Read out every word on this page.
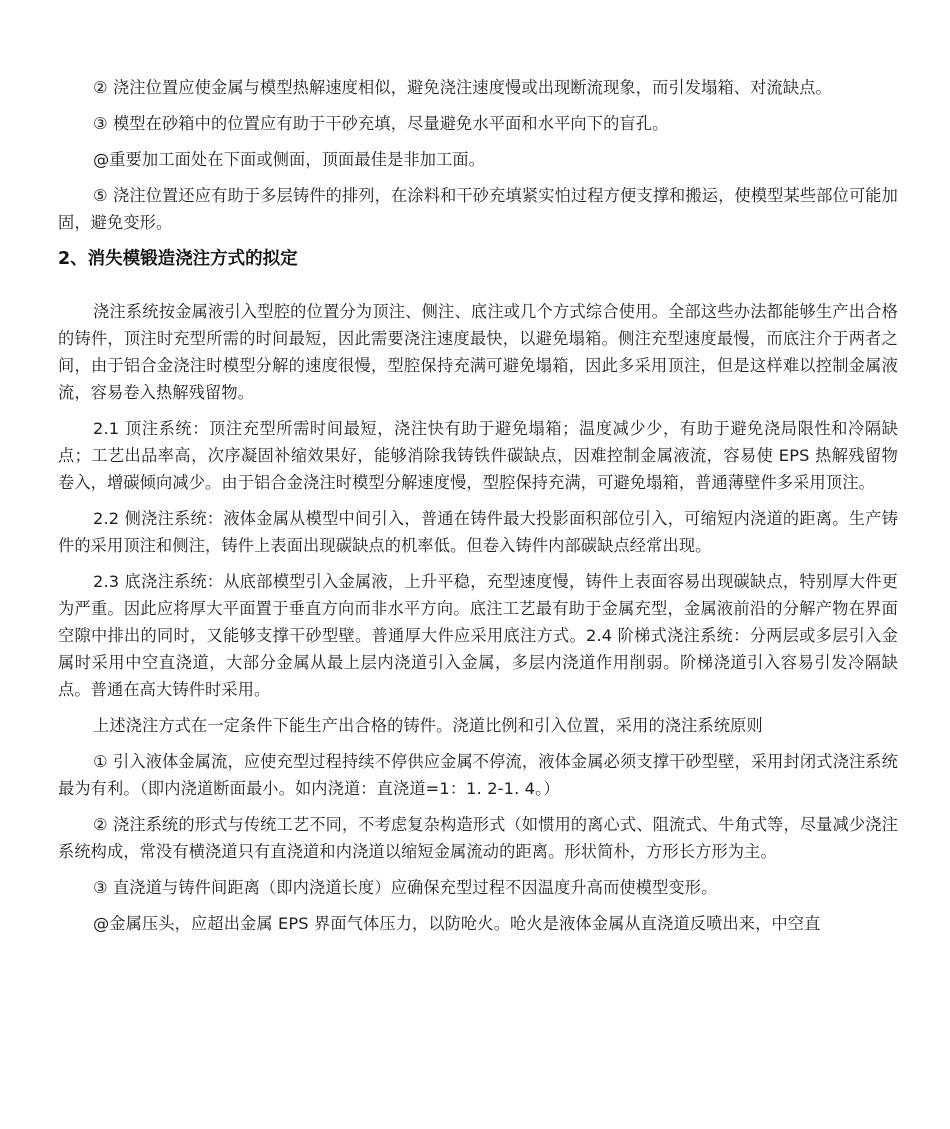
② 浇注位置应使金属与模型热解速度相似，避免浇注速度慢或出现断流现象，而引发塌箱、对流缺点。

③ 模型在砂箱中的位置应有助于干砂充填，尽量避免水平面和水平向下的盲孔。

@重要加工面处在下面或侧面，顶面最佳是非加工面。

⑤ 浇注位置还应有助于多层铸件的排列，在涂料和干砂充填紧实怕过程方便支撑和搬运，使模型某些部位可能加固，避免变形。

2、消失模锻造浇注方式的拟定

浇注系统按金属液引入型腔的位置分为顶注、侧注、底注或几个方式综合使用。全部这些办法都能够生产出合格的铸件，顶注时充型所需的时间最短，因此需要浇注速度最快，以避免塌箱。侧注充型速度最慢，而底注介于两者之间，由于铝合金浇注时模型分解的速度很慢，型腔保持充满可避免塌箱，因此多采用顶注，但是这样难以控制金属液流，容易卷入热解残留物。

2.1 顶注系统：顶注充型所需时间最短，浇注快有助于避免塌箱；温度减少少，有助于避免浇局限性和冷隔缺点；工艺出品率高，次序凝固补缩效果好，能够消除我铸铁件碳缺点，因难控制金属液流，容易使 EPS 热解残留物卷入，增碳倾向减少。由于铝合金浇注时模型分解速度慢，型腔保持充满，可避免塌箱，普通薄壁件多采用顶注。

2.2 侧浇注系统：液体金属从模型中间引入，普通在铸件最大投影面积部位引入，可缩短内浇道的距离。生产铸件的采用顶注和侧注，铸件上表面出现碳缺点的机率低。但卷入铸件内部碳缺点经常出现。

2.3 底浇注系统：从底部模型引入金属液，上升平稳，充型速度慢，铸件上表面容易出现碳缺点，特别厚大件更为严重。因此应将厚大平面置于垂直方向而非水平方向。底注工艺最有助于金属充型，金属液前沿的分解产物在界面空隙中排出的同时，又能够支撑干砂型壁。普通厚大件应采用底注方式。2.4 阶梯式浇注系统：分两层或多层引入金属时采用中空直浇道，大部分金属从最上层内浇道引入金属，多层内浇道作用削弱。阶梯浇道引入容易引发冷隔缺点。普通在高大铸件时采用。

上述浇注方式在一定条件下能生产出合格的铸件。浇道比例和引入位置，采用的浇注系统原则

① 引入液体金属流，应使充型过程持续不停供应金属不停流，液体金属必须支撑干砂型壁，采用封闭式浇注系统最为有利。（即内浇道断面最小。如内浇道：直浇道=1：1. 2-1. 4。）

② 浇注系统的形式与传统工艺不同，不考虑复杂构造形式（如惯用的离心式、阻流式、牛角式等，尽量减少浇注系统构成，常没有横浇道只有直浇道和内浇道以缩短金属流动的距离。形状简朴，方形长方形为主。

③ 直浇道与铸件间距离（即内浇道长度）应确保充型过程不因温度升高而使模型变形。

@金属压头，应超出金属 EPS 界面气体压力，以防呛火。呛火是液体金属从直浇道反喷出来，中空直
